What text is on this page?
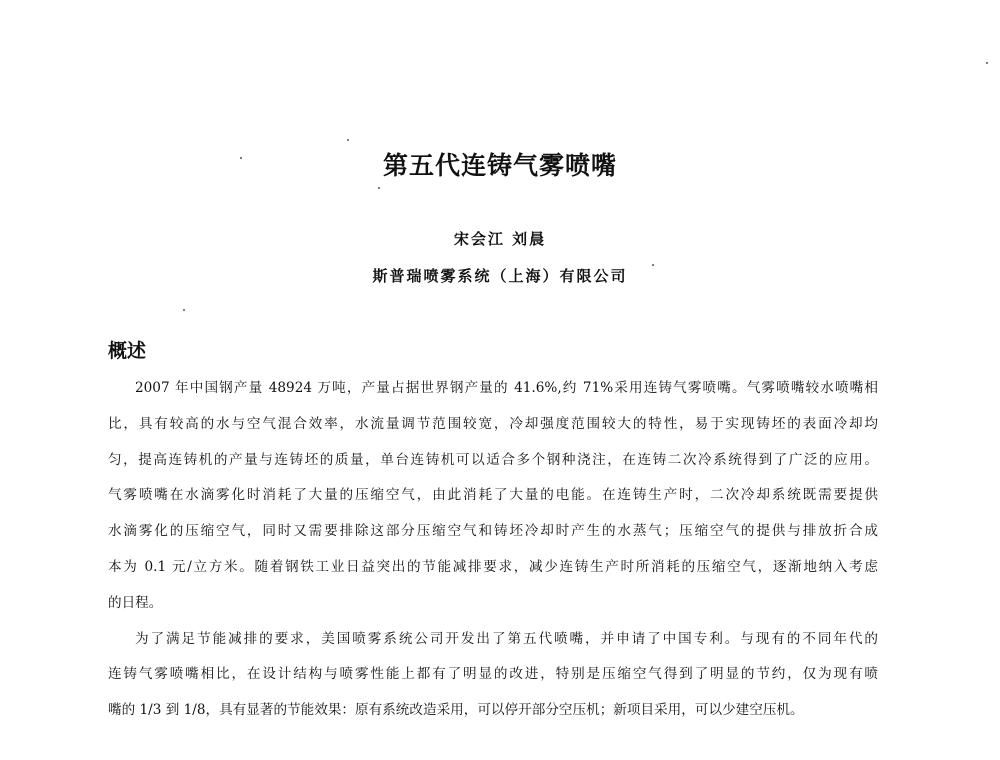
第五代连铸气雾喷嘴
宋会江 刘晨
斯普瑞喷雾系统（上海）有限公司
概述
2007 年中国钢产量 48924 万吨，产量占据世界钢产量的 41.6%,约 71%采用连铸气雾喷嘴。气雾喷嘴较水喷嘴相
比，具有较高的水与空气混合效率，水流量调节范围较宽，冷却强度范围较大的特性，易于实现铸坯的表面冷却均
匀，提高连铸机的产量与连铸坯的质量，单台连铸机可以适合多个钢种浇注，在连铸二次冷系统得到了广泛的应用。
气雾喷嘴在水滴雾化时消耗了大量的压缩空气，由此消耗了大量的电能。在连铸生产时，二次冷却系统既需要提供
水滴雾化的压缩空气，同时又需要排除这部分压缩空气和铸坯冷却时产生的水蒸气；压缩空气的提供与排放折合成
本为 0.1 元/立方米。随着钢铁工业日益突出的节能减排要求，减少连铸生产时所消耗的压缩空气，逐渐地纳入考虑
的日程。
为了满足节能减排的要求，美国喷雾系统公司开发出了第五代喷嘴，并申请了中国专利。与现有的不同年代的
连铸气雾喷嘴相比，在设计结构与喷雾性能上都有了明显的改进，特别是压缩空气得到了明显的节约，仅为现有喷
嘴的 1/3 到 1/8，具有显著的节能效果：原有系统改造采用，可以停开部分空压机；新项目采用，可以少建空压机。
